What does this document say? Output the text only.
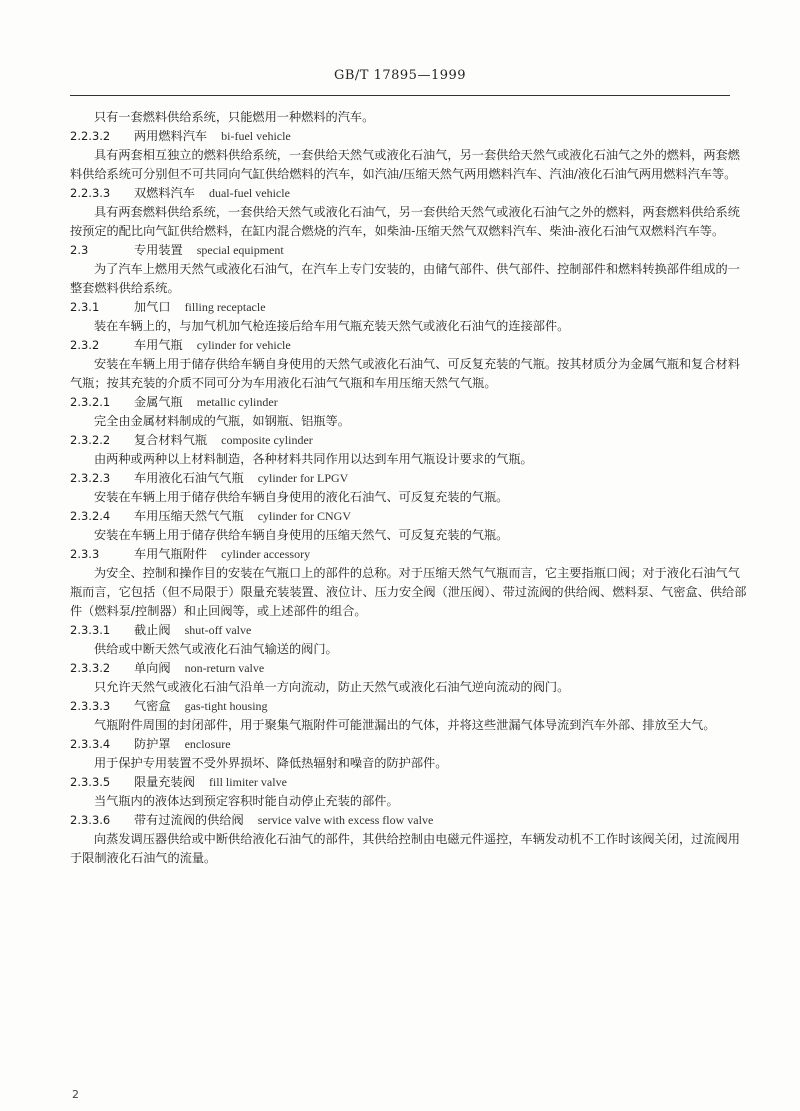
GB/T 17895—1999

只有一套燃料供给系统，只能燃用一种燃料的汽车。

2.2.3.2 两用燃料汽车 bi-fuel vehicle

具有两套相互独立的燃料供给系统，一套供给天然气或液化石油气，另一套供给天然气或液化石油气之外的燃料，两套燃料供给系统可分别但不可共同向气缸供给燃料的汽车，如汽油/压缩天然气两用燃料汽车、汽油/液化石油气两用燃料汽车等。

2.2.3.3 双燃料汽车 dual-fuel vehicle

具有两套燃料供给系统，一套供给天然气或液化石油气，另一套供给天然气或液化石油气之外的燃料，两套燃料供给系统按预定的配比向气缸供给燃料，在缸内混合燃烧的汽车，如柴油-压缩天然气双燃料汽车、柴油-液化石油气双燃料汽车等。

2.3	专用装置 special equipment

为了汽车上燃用天然气或液化石油气，在汽车上专门安装的，由储气部件、供气部件、控制部件和燃料转换部件组成的一整套燃料供给系统。

2.3.1	加气口 filling receptacle

装在车辆上的，与加气机加气枪连接后给车用气瓶充装天然气或液化石油气的连接部件。

2.3.2	车用气瓶 cylinder for vehicle

安装在车辆上用于储存供给车辆自身使用的天然气或液化石油气、可反复充装的气瓶。按其材质分为金属气瓶和复合材料气瓶；按其充装的介质不同可分为车用液化石油气气瓶和车用压缩天然气气瓶。

2.3.2.1 金属气瓶 metallic cylinder

完全由金属材料制成的气瓶，如钢瓶、铝瓶等。

2.3.2.2 复合材料气瓶 composite cylinder

由两种或两种以上材料制造，各种材料共同作用以达到车用气瓶设计要求的气瓶。

2.3.2.3 车用液化石油气气瓶 cylinder for LPGV

安装在车辆上用于储存供给车辆自身使用的液化石油气、可反复充装的气瓶。

2.3.2.4 车用压缩天然气气瓶 cylinder for CNGV

安装在车辆上用于储存供给车辆自身使用的压缩天然气、可反复充装的气瓶。

2.3.3	车用气瓶附件 cylinder accessory

为安全、控制和操作目的安装在气瓶口上的部件的总称。对于压缩天然气气瓶而言，它主要指瓶口阀；对于液化石油气气瓶而言，它包括（但不局限于）限量充装装置、液位计、压力安全阀（泄压阀）、带过流阀的供给阀、燃料泵、气密盒、供给部件（燃料泵/控制器）和止回阀等，或上述部件的组合。

2.3.3.1 截止阀 shut-off valve

供给或中断天然气或液化石油气输送的阀门。

2.3.3.2 单向阀 non-return valve

只允许天然气或液化石油气沿单一方向流动，防止天然气或液化石油气逆向流动的阀门。

2.3.3.3 气密盒 gas-tight housing

气瓶附件周围的封闭部件，用于聚集气瓶附件可能泄漏出的气体，并将这些泄漏气体导流到汽车外部、排放至大气。

2.3.3.4 防护罩 enclosure

用于保护专用装置不受外界损坏、降低热辐射和噪音的防护部件。

2.3.3.5 限量充装阀 fill limiter valve

当气瓶内的液体达到预定容积时能自动停止充装的部件。

2.3.3.6 带有过流阀的供给阀 service valve with excess flow valve

向蒸发调压器供给或中断供给液化石油气的部件，其供给控制由电磁元件遥控，车辆发动机不工作时该阀关闭，过流阀用于限制液化石油气的流量。

2
